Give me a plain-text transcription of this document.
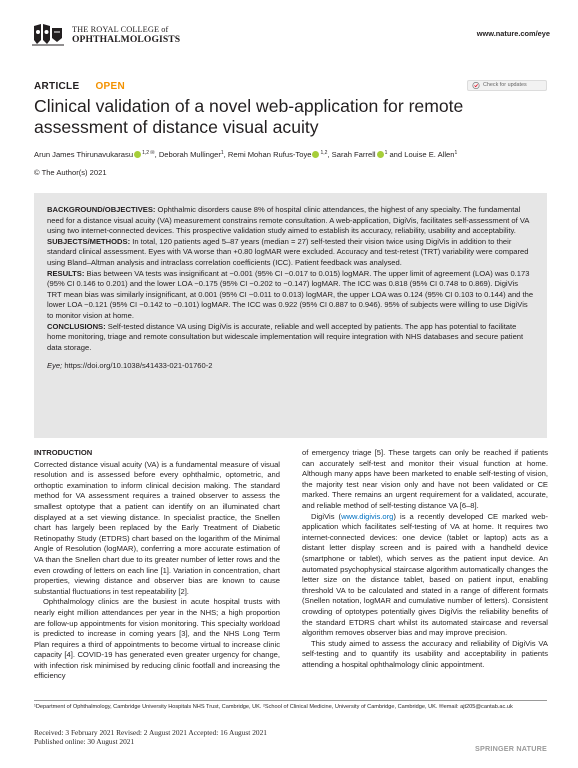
THE ROYAL COLLEGE of
OPHTHALMOLOGISTS
www.nature.com/eye
ARTICLE OPEN	Check for updates
Clinical validation of a novel web-application for remote assessment of distance visual acuity
Arun James Thirunavukarasu $^{1,2 ✉}$, Deborah Mullinger$^1$, Remi Mohan Rufus-Toye $^{1,2}$, Sarah Farrell $^1$ and Louise E. Allen$^1$
© The Author(s) 2021

BACKGROUND/OBJECTIVES: Ophthalmic disorders cause 8% of hospital clinic attendances, the highest of any specialty. The fundamental need for a distance visual acuity (VA) measurement constrains remote consultation. A web-application, DigiVis, facilitates self-assessment of VA using two internet-connected devices. This prospective validation study aimed to establish its accuracy, reliability, usability and acceptability.

SUBJECTS/METHODS: In total, 120 patients aged 5–87 years (median = 27) self-tested their vision twice using DigiVis in addition to their standard clinical assessment. Eyes with VA worse than +0.80 logMAR were excluded. Accuracy and test-retest (TRT) variability were compared using Bland–Altman analysis and intraclass correlation coefficients (ICC). Patient feedback was analysed.

RESULTS: Bias between VA tests was insignificant at −0.001 (95% CI −0.017 to 0.015) logMAR. The upper limit of agreement (LOA) was 0.173 (95% CI 0.146 to 0.201) and the lower LOA −0.175 (95% CI −0.202 to −0.147) logMAR. The ICC was 0.818 (95% CI 0.748 to 0.869). DigiVis TRT mean bias was similarly insignificant, at 0.001 (95% CI −0.011 to 0.013) logMAR, the upper LOA was 0.124 (95% CI 0.103 to 0.144) and the lower LOA −0.121 (95% CI −0.142 to −0.101) logMAR. The ICC was 0.922 (95% CI 0.887 to 0.946). 95% of subjects were willing to use DigiVis to monitor vision at home.

CONCLUSIONS: Self-tested distance VA using DigiVis is accurate, reliable and well accepted by patients. The app has potential to facilitate home monitoring, triage and remote consultation but widescale implementation will require integration with NHS databases and secure patient data storage.

Eye; https://doi.org/10.1038/s41433-021-01760-2

INTRODUCTION

Corrected distance visual acuity (VA) is a fundamental measure of visual resolution and is assessed before every ophthalmic, optometric, and orthoptic examination to inform clinical decision making. The standard method for VA assessment requires a trained observer to assess the smallest optotype that a patient can identify on an illuminated chart displayed at a set viewing distance. In specialist practice, the Snellen chart has largely been replaced by the Early Treatment of Diabetic Retinopathy Study (ETDRS) chart based on the logarithm of the Minimal Angle of Resolution (logMAR), conferring a more accurate estimation of VA than the Snellen chart due to its greater number of letter rows and the even crowding of letters on each line [1]. Variation in concentration, chart properties, viewing distance and observer bias are known to cause substantial fluctuations in test repeatability [2].

Ophthalmology clinics are the busiest in acute hospital trusts with nearly eight million attendances per year in the NHS; a high proportion are follow-up appointments for vision monitoring. This specialty workload is predicted to increase in coming years [3], and the NHS Long Term Plan requires a third of appointments to become virtual to increase clinic capacity [4]. COVID-19 has generated even greater urgency for change, with infection risk minimised by reducing clinic footfall and increasing the efficiency

of emergency triage [5]. These targets can only be reached if patients can accurately self-test and monitor their visual function at home. Although many apps have been marketed to enable self-testing of vision, the majority test near vision only and have not been validated or CE marked. There remains an urgent requirement for a validated, accurate, and reliable method of self-testing distance VA [6–8].

DigiVis (www.digivis.org) is a recently developed CE marked web-application which facilitates self-testing of VA at home. It requires two internet-connected devices: one device (tablet or laptop) acts as a distant letter display screen and is paired with a handheld device (smartphone or tablet), which serves as the patient input device. An automated psychophysical staircase algorithm automatically changes the letter size on the distance tablet, based on patient input, enabling threshold VA to be calculated and stated in a range of different formats (Snellen notation, logMAR and cumulative number of letters). Consistent crowding of optotypes potentially gives DigiVis the reliability benefits of the standard ETDRS chart whilst its automated staircase and reversal algorithm removes observer bias and may improve precision.

This study aimed to assess the accuracy and reliability of DigiVis VA self-testing and to quantify its usability and acceptability in patients attending a hospital ophthalmology clinic appointment.

¹Department of Ophthalmology, Cambridge University Hospitals NHS Trust, Cambridge, UK. ²School of Clinical Medicine, University of Cambridge, Cambridge, UK. ✉email: ajt205@cantab.ac.uk
Received: 3 February 2021 Revised: 2 August 2021 Accepted: 16 August 2021
Published online: 30 August 2021
SPRINGER NATURE
